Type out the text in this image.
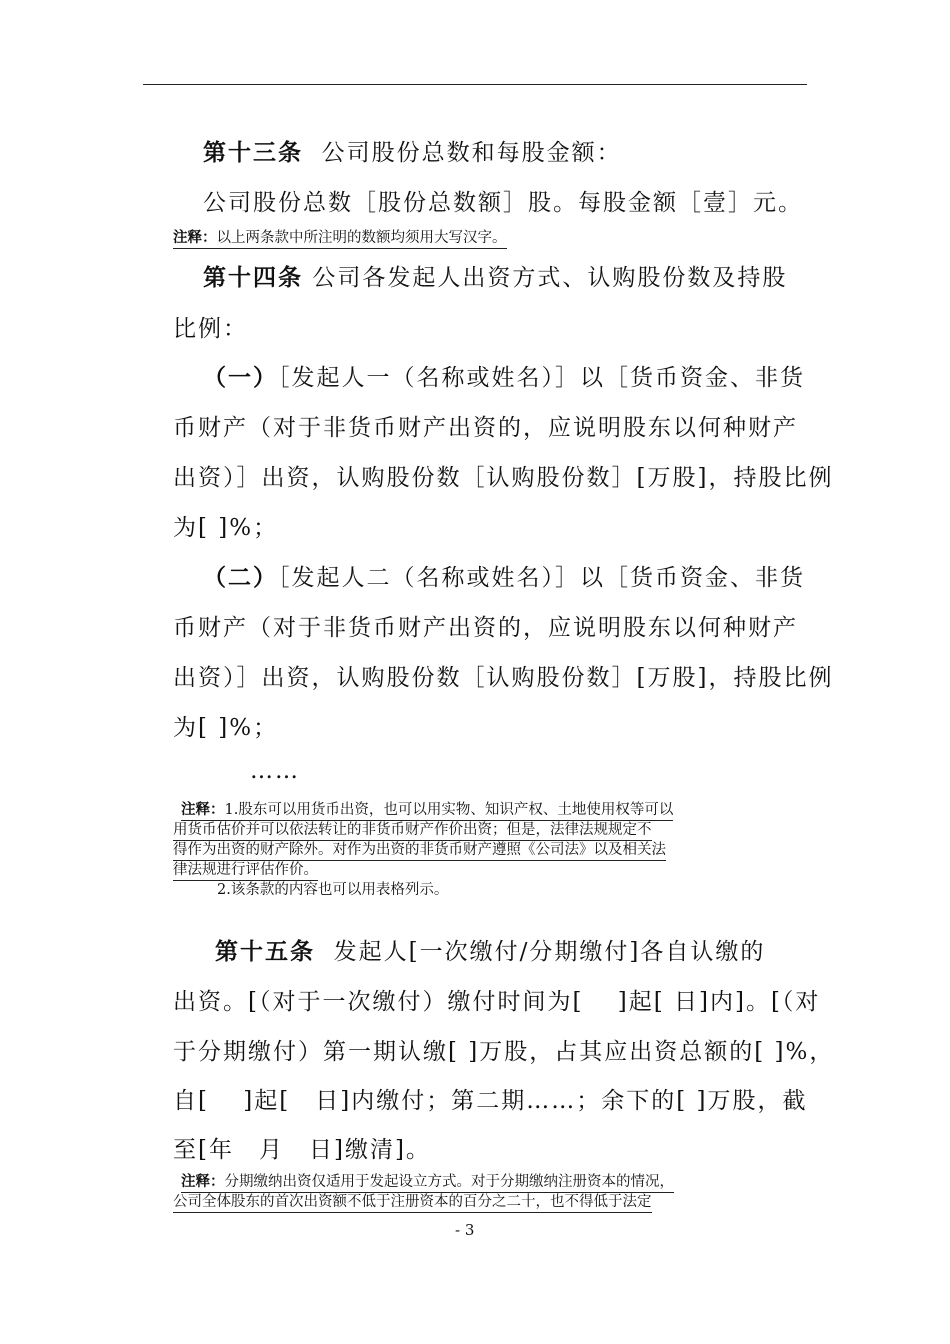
第十三条 公司股份总数和每股金额：
公司股份总数［股份总数额］股。每股金额［壹］元。
注释：以上两条款中所注明的数额均须用大写汉字。
第十四条 公司各发起人出资方式、认购股份数及持股
比例：
（一）［发起人一（名称或姓名）］以［货币资金、非货
币财产（对于非货币财产出资的，应说明股东以何种财产
出资）］出资，认购股份数［认购股份数］[万股]，持股比例
为[ ]%；
（二）［发起人二（名称或姓名）］以［货币资金、非货
币财产（对于非货币财产出资的，应说明股东以何种财产
出资）］出资，认购股份数［认购股份数］[万股]，持股比例
为[ ]%；
……
注释：1.股东可以用货币出资，也可以用实物、知识产权、土地使用权等可以
用货币估价并可以依法转让的非货币财产作价出资；但是，法律法规规定不
得作为出资的财产除外。对作为出资的非货币财产遵照《公司法》以及相关法
律法规进行评估作价。
2.该条款的内容也可以用表格列示。
第十五条 发起人[一次缴付/分期缴付]各自认缴的
出资。[（对于一次缴付）缴付时间为[　 ]起[ 日]内]。[（对
于分期缴付）第一期认缴[ ]万股，占其应出资总额的[ ]%，
自[　 ]起[　日]内缴付；第二期……；余下的[ ]万股，截
至[年　月　日]缴清]。
注释：分期缴纳出资仅适用于发起设立方式。对于分期缴纳注册资本的情况，
公司全体股东的首次出资额不低于注册资本的百分之二十，也不得低于法定
- 3
